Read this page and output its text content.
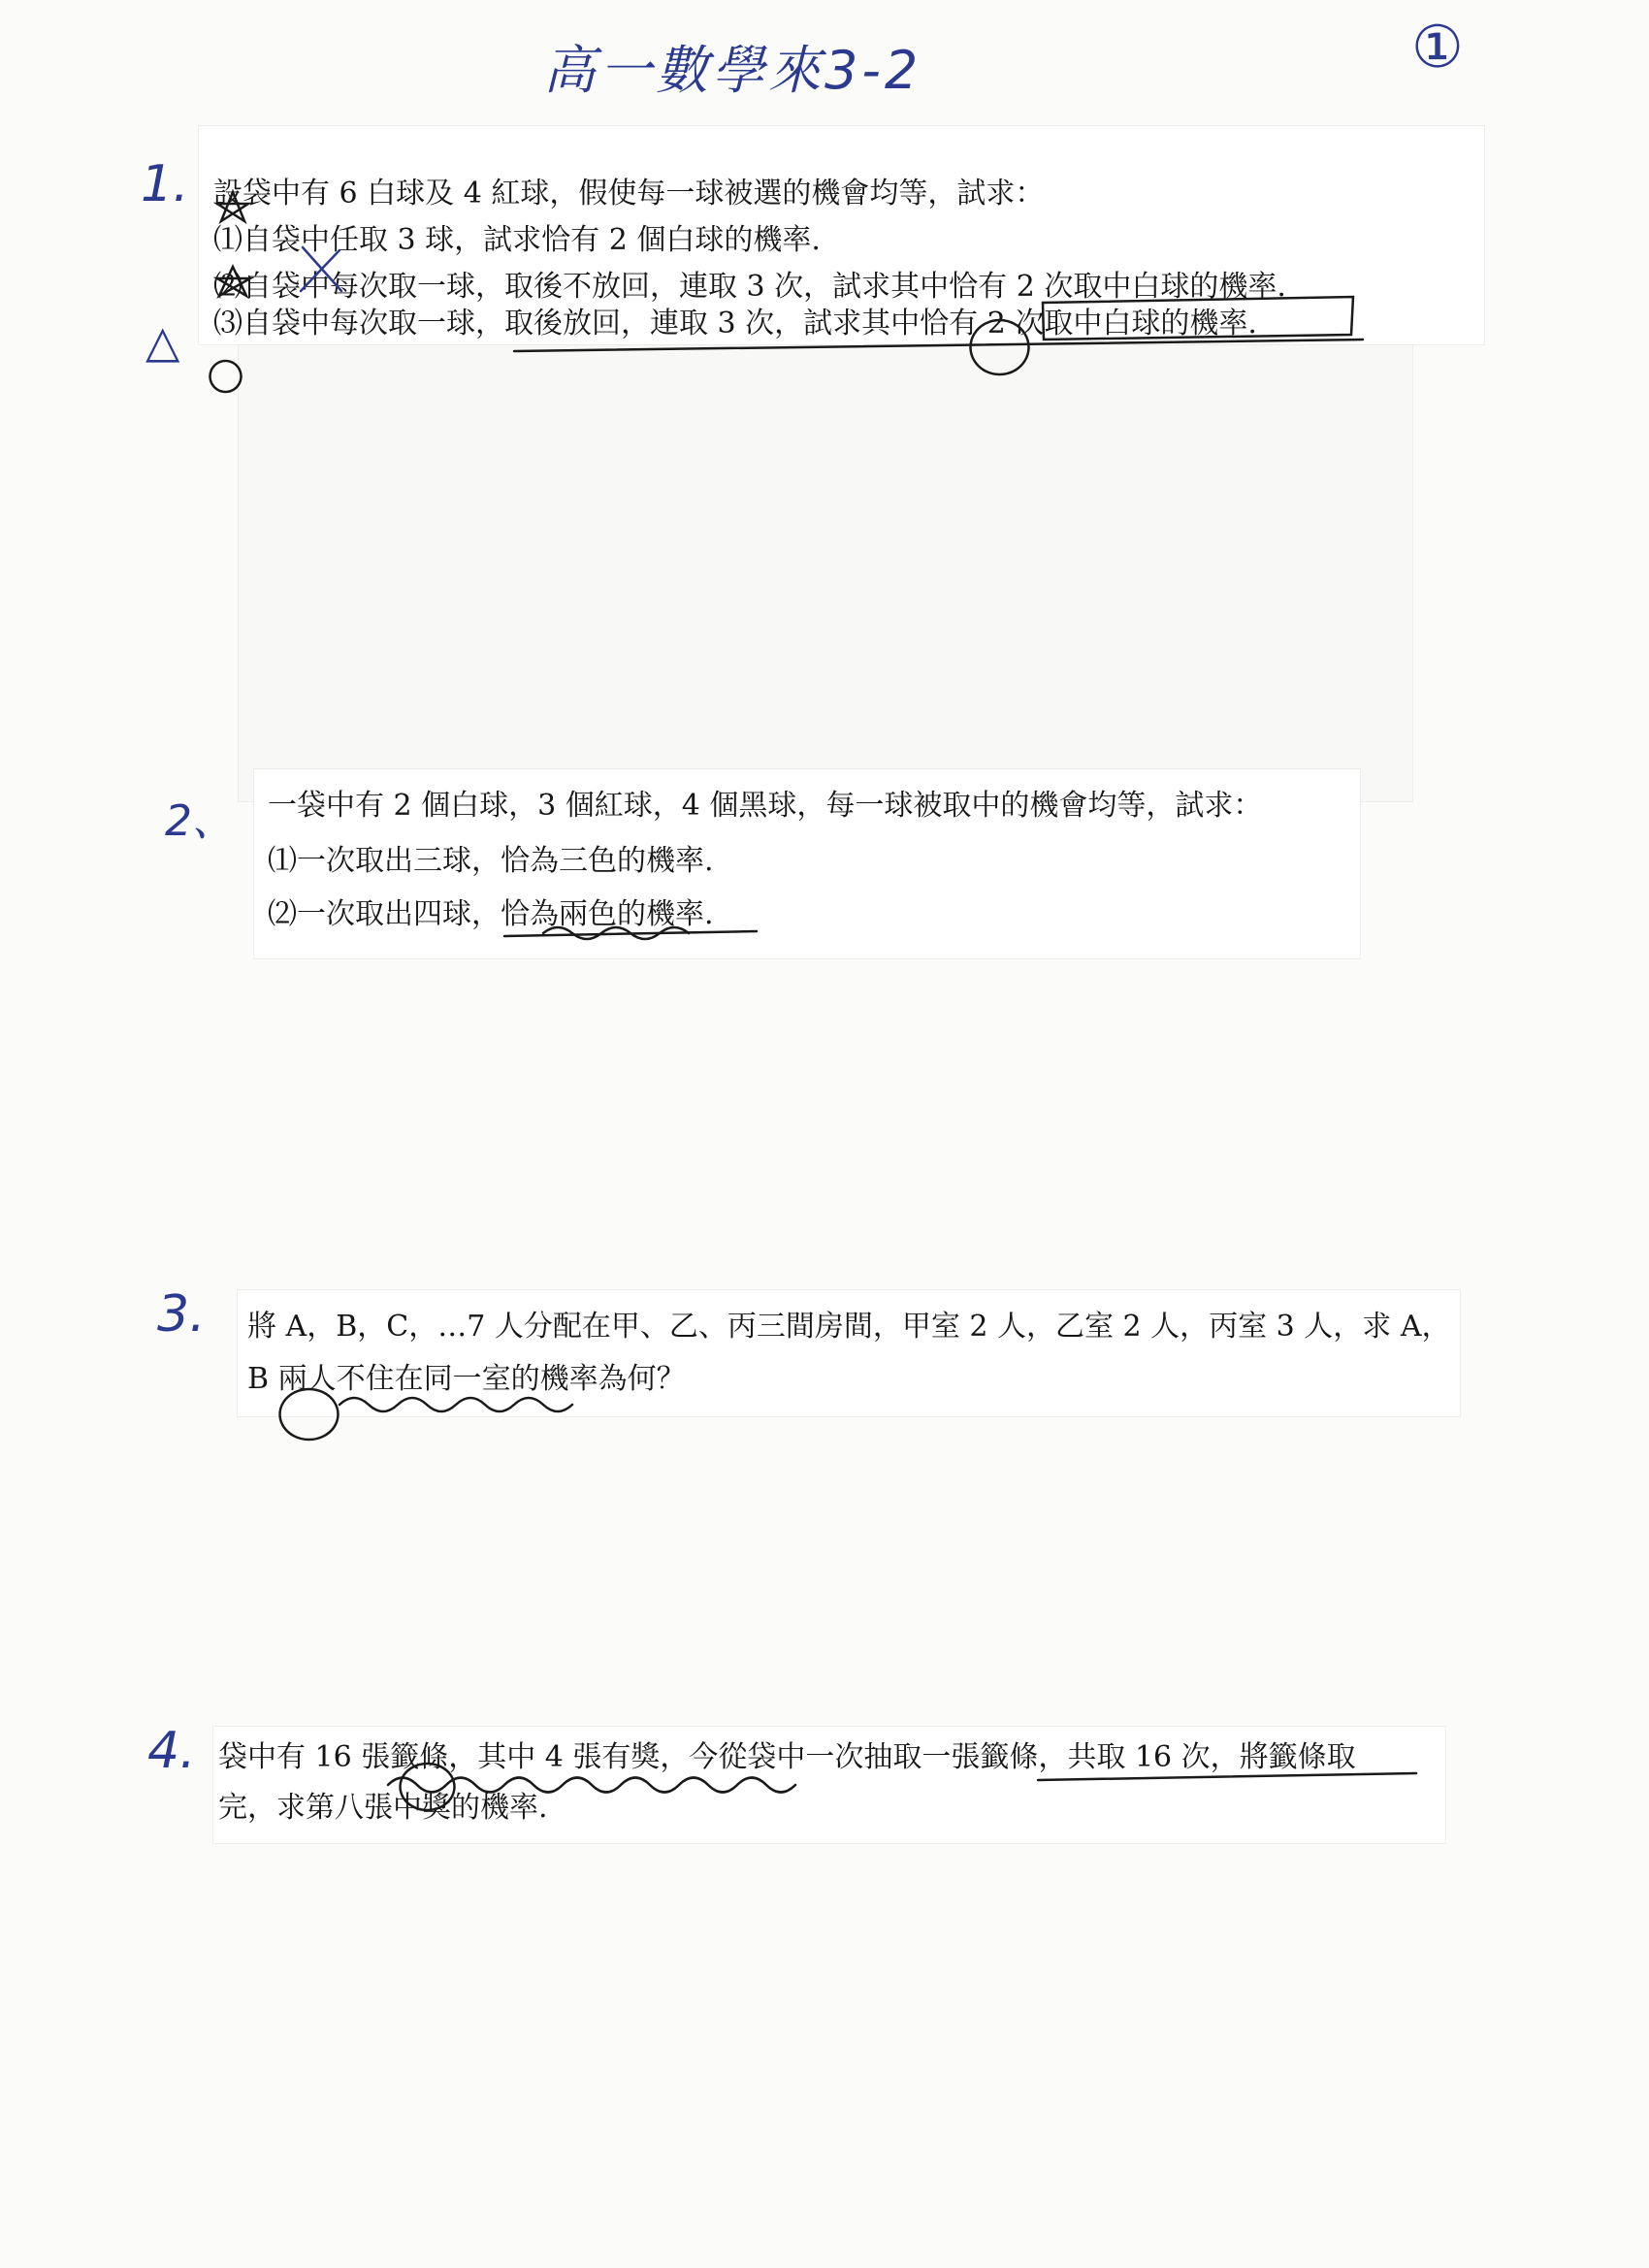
高一數學來3-2	①
1.
△
設袋中有 6 白球及 4 紅球，假使每一球被選的機會均等，試求：
⑴自袋中任取 3 球，試求恰有 2 個白球的機率.
⑵自袋中每次取一球，取後不放回，連取 3 次，試求其中恰有 2 次取中白球的機率.
⑶自袋中每次取一球，取後放回，連取 3 次，試求其中恰有 2 次取中白球的機率.
2、 一袋中有 2 個白球，3 個紅球，4 個黑球，每一球被取中的機會均等，試求：
⑴一次取出三球，恰為三色的機率.
⑵一次取出四球，恰為兩色的機率.
3. 將 A，B，C，…7 人分配在甲、乙、丙三間房間，甲室 2 人，乙室 2 人，丙室 3 人，求 A，
B 兩人不住在同一室的機率為何？
4. 袋中有 16 張籤條，其中 4 張有獎，今從袋中一次抽取一張籤條，共取 16 次，將籤條取
完，求第八張中獎的機率.
